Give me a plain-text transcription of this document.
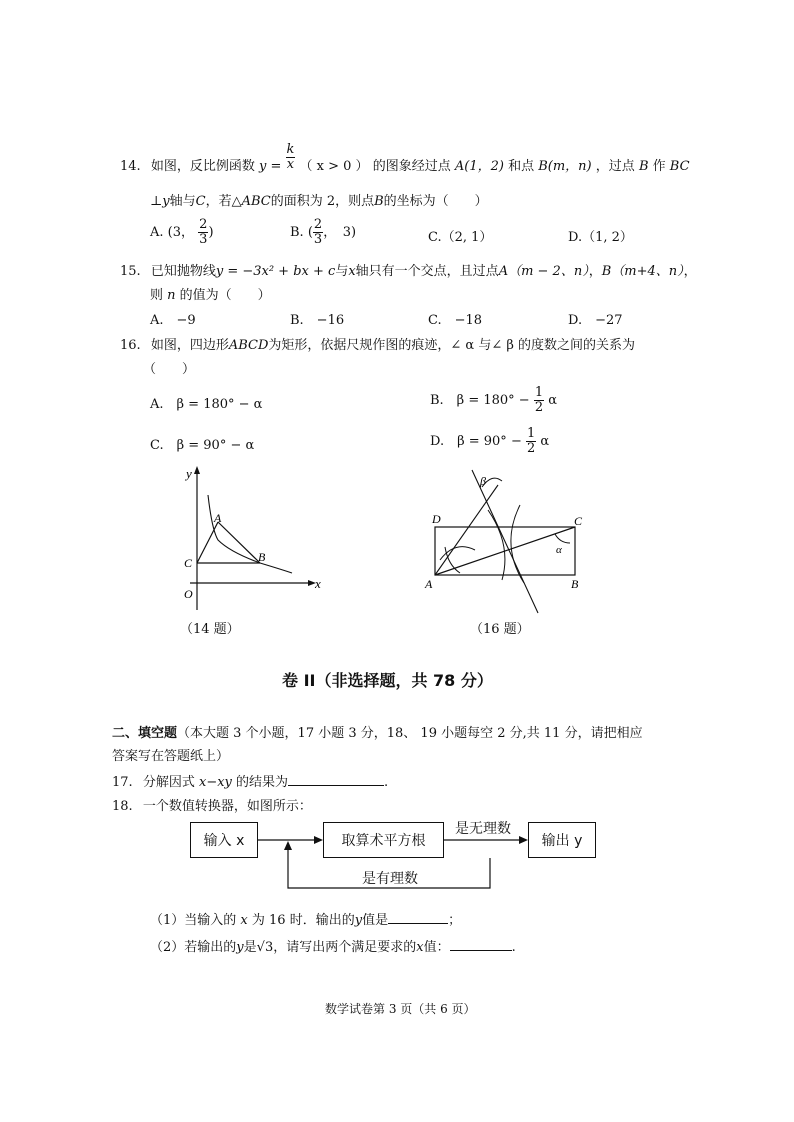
14. 如图，反比例函数 $y = \frac{k}{x}$ （ x > 0 ） 的图象经过点 A(1，2) 和点 B(m，n) ，过点 B 作 BC
⊥y轴与C，若△ABC的面积为 2，则点B的坐标为（　　）
A. (3， $\frac{2}{3}$ )	B. ( $\frac{2}{3}$ ，　3)	C.（2, 1）	D.（1, 2）
15. 已知抛物线y = −3x² + bx + c与x轴只有一个交点，且过点A（m − 2、n），B（m+4、n），
则 n 的值为（　　）
A.　−9	B.　−16	C.　−18	D.　−27
16. 如图，四边形ABCD为矩形，依据尺规作图的痕迹，∠ α 与∠ β 的度数之间的关系为
（　　）
A.　β = 180° − α	B.　$\beta = 180^\circ - \frac{1}{2}$ α
C.　β = 90° − α	D.　$\beta = 90^\circ - \frac{1}{2}$ α
y
x
A
B
C
O
（14 题）
β
D	C
α
A	B
（16 题）
卷 II（非选择题，共 78 分）
二、填空题（本大题 3 个小题，17 小题 3 分，18、 19 小题每空 2 分,共 11 分，请把相应
答案写在答题纸上）
17. 分解因式 x−xy 的结果为	.
18. 一个数值转换器，如图所示：
输入 x	取算术平方根	输出 y
是无理数
是有理数
（1）当输入的 x 为 16 时．输出的y值是	；
（2）若输出的y是√3，请写出两个满足要求的x值：	.
数学试卷第 3 页（共 6 页）
